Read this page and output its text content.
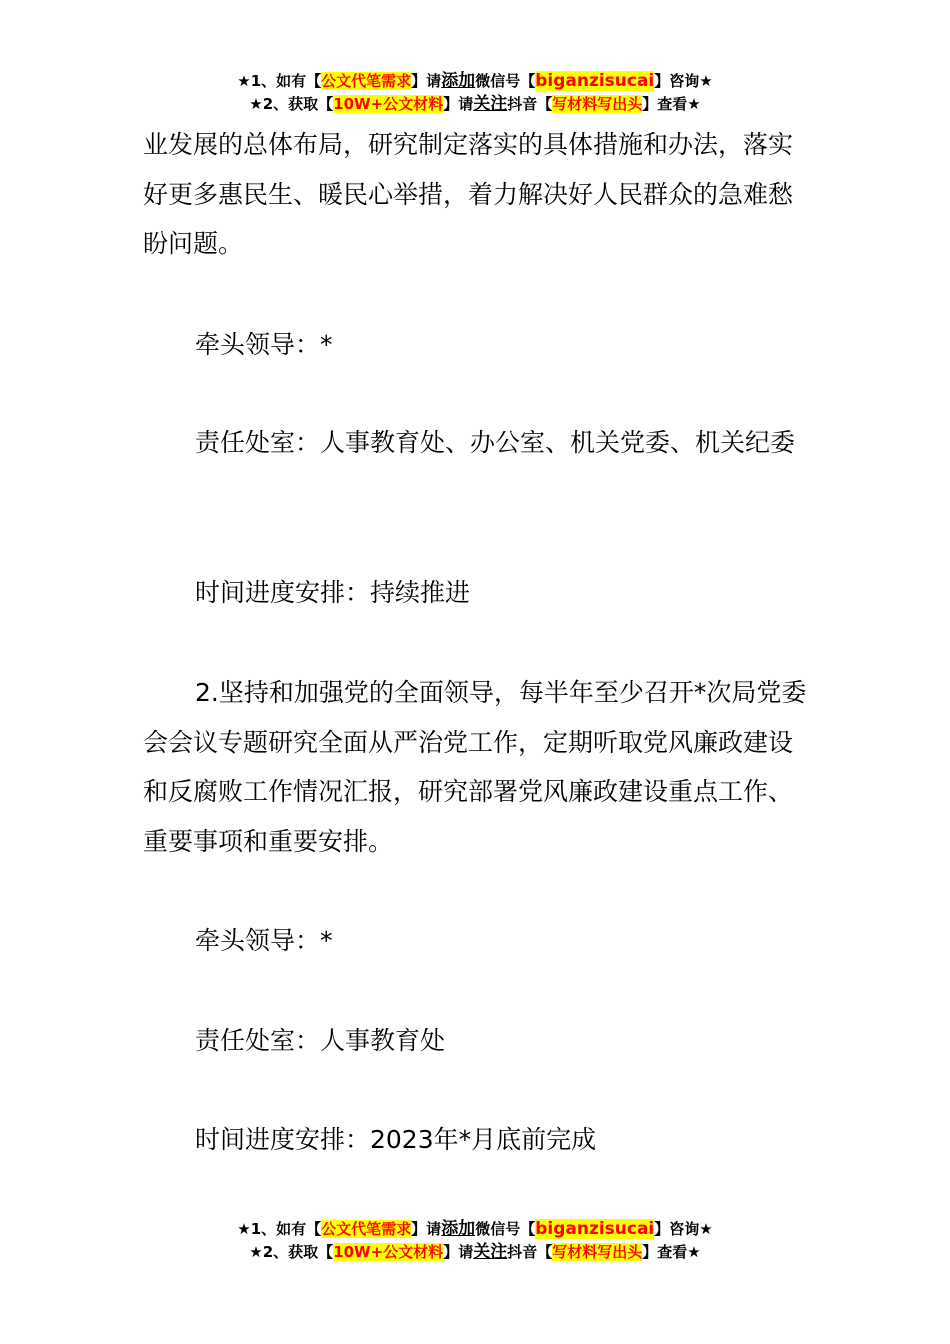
★1、如有【公文代笔需求】请添加微信号【biganzisucai】咨询★
★2、获取【10W+公文材料】请关注抖音【写材料写出头】查看★

业发展的总体布局，研究制定落实的具体措施和办法，落实好更多惠民生、暖民心举措，着力解决好人民群众的急难愁盼问题。

牵头领导：*

责任处室：人事教育处、办公室、机关党委、机关纪委

时间进度安排：持续推进

2.坚持和加强党的全面领导，每半年至少召开*次局党委会会议专题研究全面从严治党工作，定期听取党风廉政建设和反腐败工作情况汇报，研究部署党风廉政建设重点工作、重要事项和重要安排。

牵头领导：*

责任处室：人事教育处

时间进度安排：2023年*月底前完成

★1、如有【公文代笔需求】请添加微信号【biganzisucai】咨询★
★2、获取【10W+公文材料】请关注抖音【写材料写出头】查看★
